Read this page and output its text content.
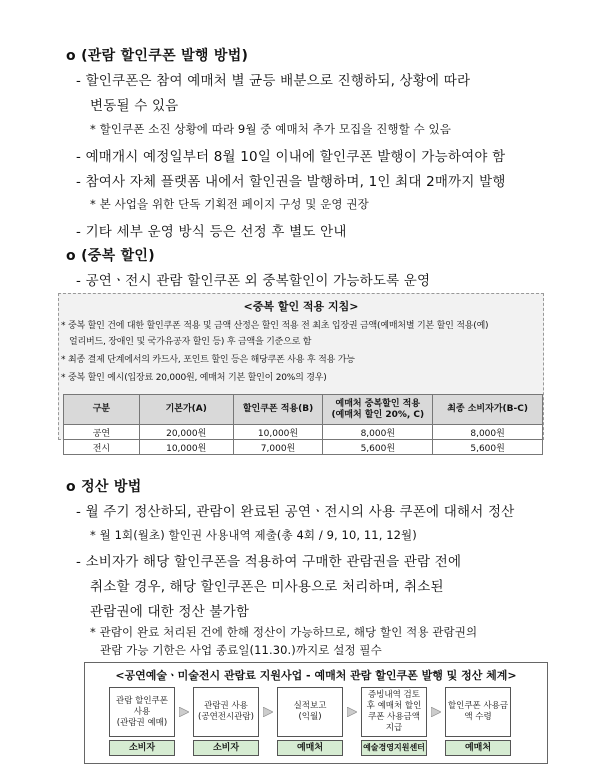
o (관람 할인쿠폰 발행 방법)
- 할인쿠폰은 참여 예매처 별 균등 배분으로 진행하되, 상황에 따라
변동될 수 있음
* 할인쿠폰 소진 상황에 따라 9월 중 예매처 추가 모집을 진행할 수 있음
- 예매개시 예정일부터 8월 10일 이내에 할인쿠폰 발행이 가능하여야 함
- 참여사 자체 플랫폼 내에서 할인권을 발행하며, 1인 최대 2매까지 발행
* 본 사업을 위한 단독 기획전 페이지 구성 및 운영 권장
- 기타 세부 운영 방식 등은 선정 후 별도 안내
o (중복 할인)
- 공연ㆍ전시 관람 할인쿠폰 외 중복할인이 가능하도록 운영
<중복 할인 적용 지침>
* 중복 할인 건에 대한 할인쿠폰 적용 및 금액 산정은 할인 적용 전 최초 입장권 금액(예매처별 기본 할인 적용(예)
얼리버드, 장애인 및 국가유공자 할인 등) 후 금액을 기준으로 함
* 최종 결제 단계에서의 카드사, 포인트 할인 등은 해당쿠폰 사용 후 적용 가능
* 중복 할인 예시(입장료 20,000원, 예매처 기본 할인이 20%의 경우)
구분	기본가(A)	할인쿠폰 적용(B)	예매처 중복할인 적용
(예매처 할인 20%, C)	최종 소비자가(B-C)
공연	20,000원	10,000원	8,000원	8,000원
전시	10,000원	7,000원	5,600원	5,600원
o 정산 방법
- 월 주기 정산하되, 관람이 완료된 공연ㆍ전시의 사용 쿠폰에 대해서 정산
* 월 1회(월초) 할인권 사용내역 제출(총 4회 / 9, 10, 11, 12월)
- 소비자가 해당 할인쿠폰을 적용하여 구매한 관람권을 관람 전에
취소할 경우, 해당 할인쿠폰은 미사용으로 처리하며, 취소된
관람권에 대한 정산 불가함
* 관람이 완료 처리된 건에 한해 정산이 가능하므로, 해당 할인 적용 관람권의
관람 가능 기한은 사업 종료일(11.30.)까지로 설정 필수
<공연예술ㆍ미술전시 관람료 지원사업 - 예매처 관람 할인쿠폰 발행 및 정산 체계>
관람 할인쿠폰
사용
(관람권 예매)
소비자
관람권 사용
(공연전시관람)
소비자
실적보고
(익월)
예매처
증빙내역 검토
후 예매처 할인
쿠폰 사용금액
지급
예술경영지원센터
할인쿠폰 사용금
액 수령
예매처
